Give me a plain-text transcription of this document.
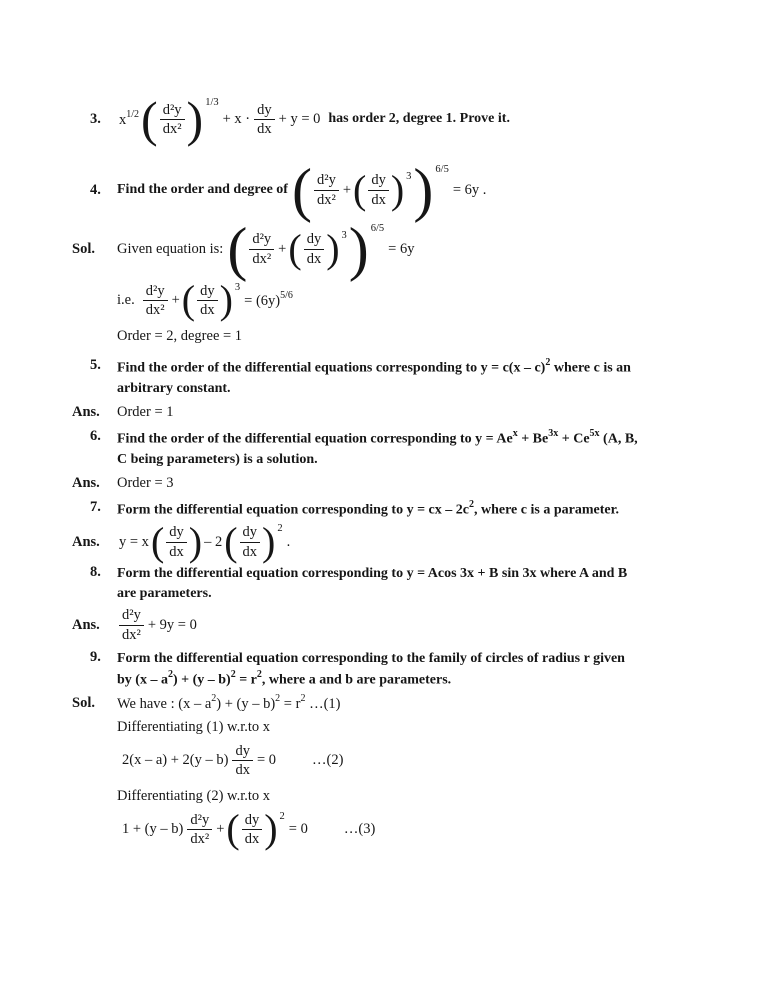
3.	$x^{1/2}$ ( $\frac{\text{d²y}}{\text{dx²}}$ ) 1/3
+ $x \cdot \frac{dy}{dx} + y = 0$ has order 2, degree 1. Prove it.
4.	Find the order and degree of ( $\frac{\text{d²y}}{\text{dx²}}$ + ( $\frac{dy}{dx}$ ) 3 ) 6/5
= 6y .
Sol.	Given equation is: ( $\frac{\text{d²y}}{\text{dx²}}$ + ( $\frac{dy}{dx}$ ) 3 ) 6/5
= 6y
i.e. $\frac{\text{d²y}}{\text{dx²}}$ + ( $\frac{dy}{dx}$ ) 3
= $(6y)^{5/6}$
Order = 2, degree = 1
5.	Find the order of the differential equations corresponding to y = c(x – c)$^2$ where c is an
arbitrary constant.
Ans.	Order = 1
6.	Find the order of the differential equation corresponding to $y = Ae^x + Be^{3x} + Ce^{5x}$ (A, B,
C being parameters) is a solution.
Ans.	Order = 3
7.	Form the differential equation corresponding to y = cx – $2c^2$, where c is a parameter.
Ans.	y = x ( $\frac{dy}{dx}$ ) – 2 ( $\frac{dy}{dx}$ ) 2
.
8.	Form the differential equation corresponding to y = Acos 3x + B sin 3x where A and B
are parameters.
Ans.	$\frac{\text{d²y}}{\text{dx²}} + 9y = 0$
9.	Form the differential equation corresponding to the family of circles of radius r given
by $(x - a^2) + (y - b)^2 = r^2$, where a and b are parameters.
Sol.	We have : $(x - a^2) + (y - b)^2 = r^2$ …(1)
Differentiating (1) w.r.to x
$2(x - a) + 2(y - b) \frac{dy}{dx} = 0$ …(2)
Differentiating (2) w.r.to x
$1 + (y - b) \frac{\text{d²y}}{\text{dx²}}$ + ( $\frac{dy}{dx}$ ) 2
= 0 …(3)
